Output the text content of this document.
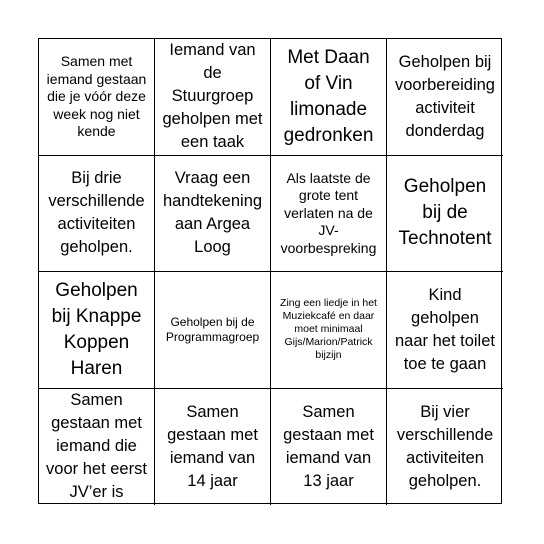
Samen met iemand gestaan die je vóór deze week nog niet kende
Iemand van de Stuurgroep geholpen met een taak
Met Daan of Vin limonade gedronken
Geholpen bij voorbereiding activiteit donderdag
Bij drie verschillende activiteiten geholpen.
Vraag een handtekening aan Argea Loog
Als laatste de grote tent verlaten na de JV-voorbespreking
Geholpen bij de Technotent
Geholpen bij Knappe Koppen Haren
Geholpen bij de Programmagroep
Zing een liedje in het Muziekcafé en daar moet minimaal Gijs/Marion/Patrick bijzijn
Kind geholpen naar het toilet toe te gaan
Samen gestaan met iemand die voor het eerst JV’er is
Samen gestaan met iemand van 14 jaar
Samen gestaan met iemand van 13 jaar
Bij vier verschillende activiteiten geholpen.
